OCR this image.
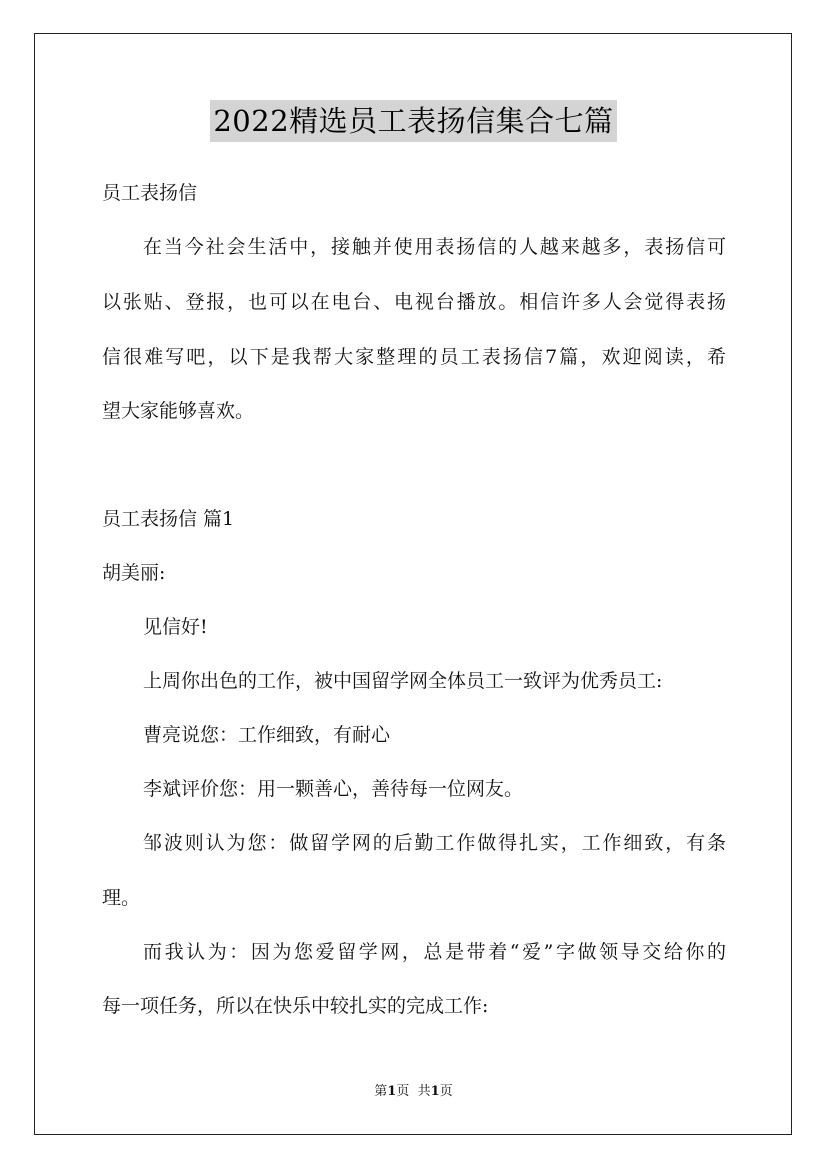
2022精选员工表扬信集合七篇
员工表扬信
在当今社会生活中，接触并使用表扬信的人越来越多，表扬信可
以张贴、登报，也可以在电台、电视台播放。相信许多人会觉得表扬
信很难写吧，以下是我帮大家整理的员工表扬信7篇，欢迎阅读，希
望大家能够喜欢。
员工表扬信 篇1
胡美丽:
见信好!
上周你出色的工作，被中国留学网全体员工一致评为优秀员工:
曹亮说您：工作细致，有耐心
李斌评价您：用一颗善心，善待每一位网友。
邹波则认为您：做留学网的后勤工作做得扎实，工作细致，有条
理。
而我认为：因为您爱留学网，总是带着“爱”字做领导交给你的
每一项任务，所以在快乐中较扎实的完成工作:
第1页 共1页
